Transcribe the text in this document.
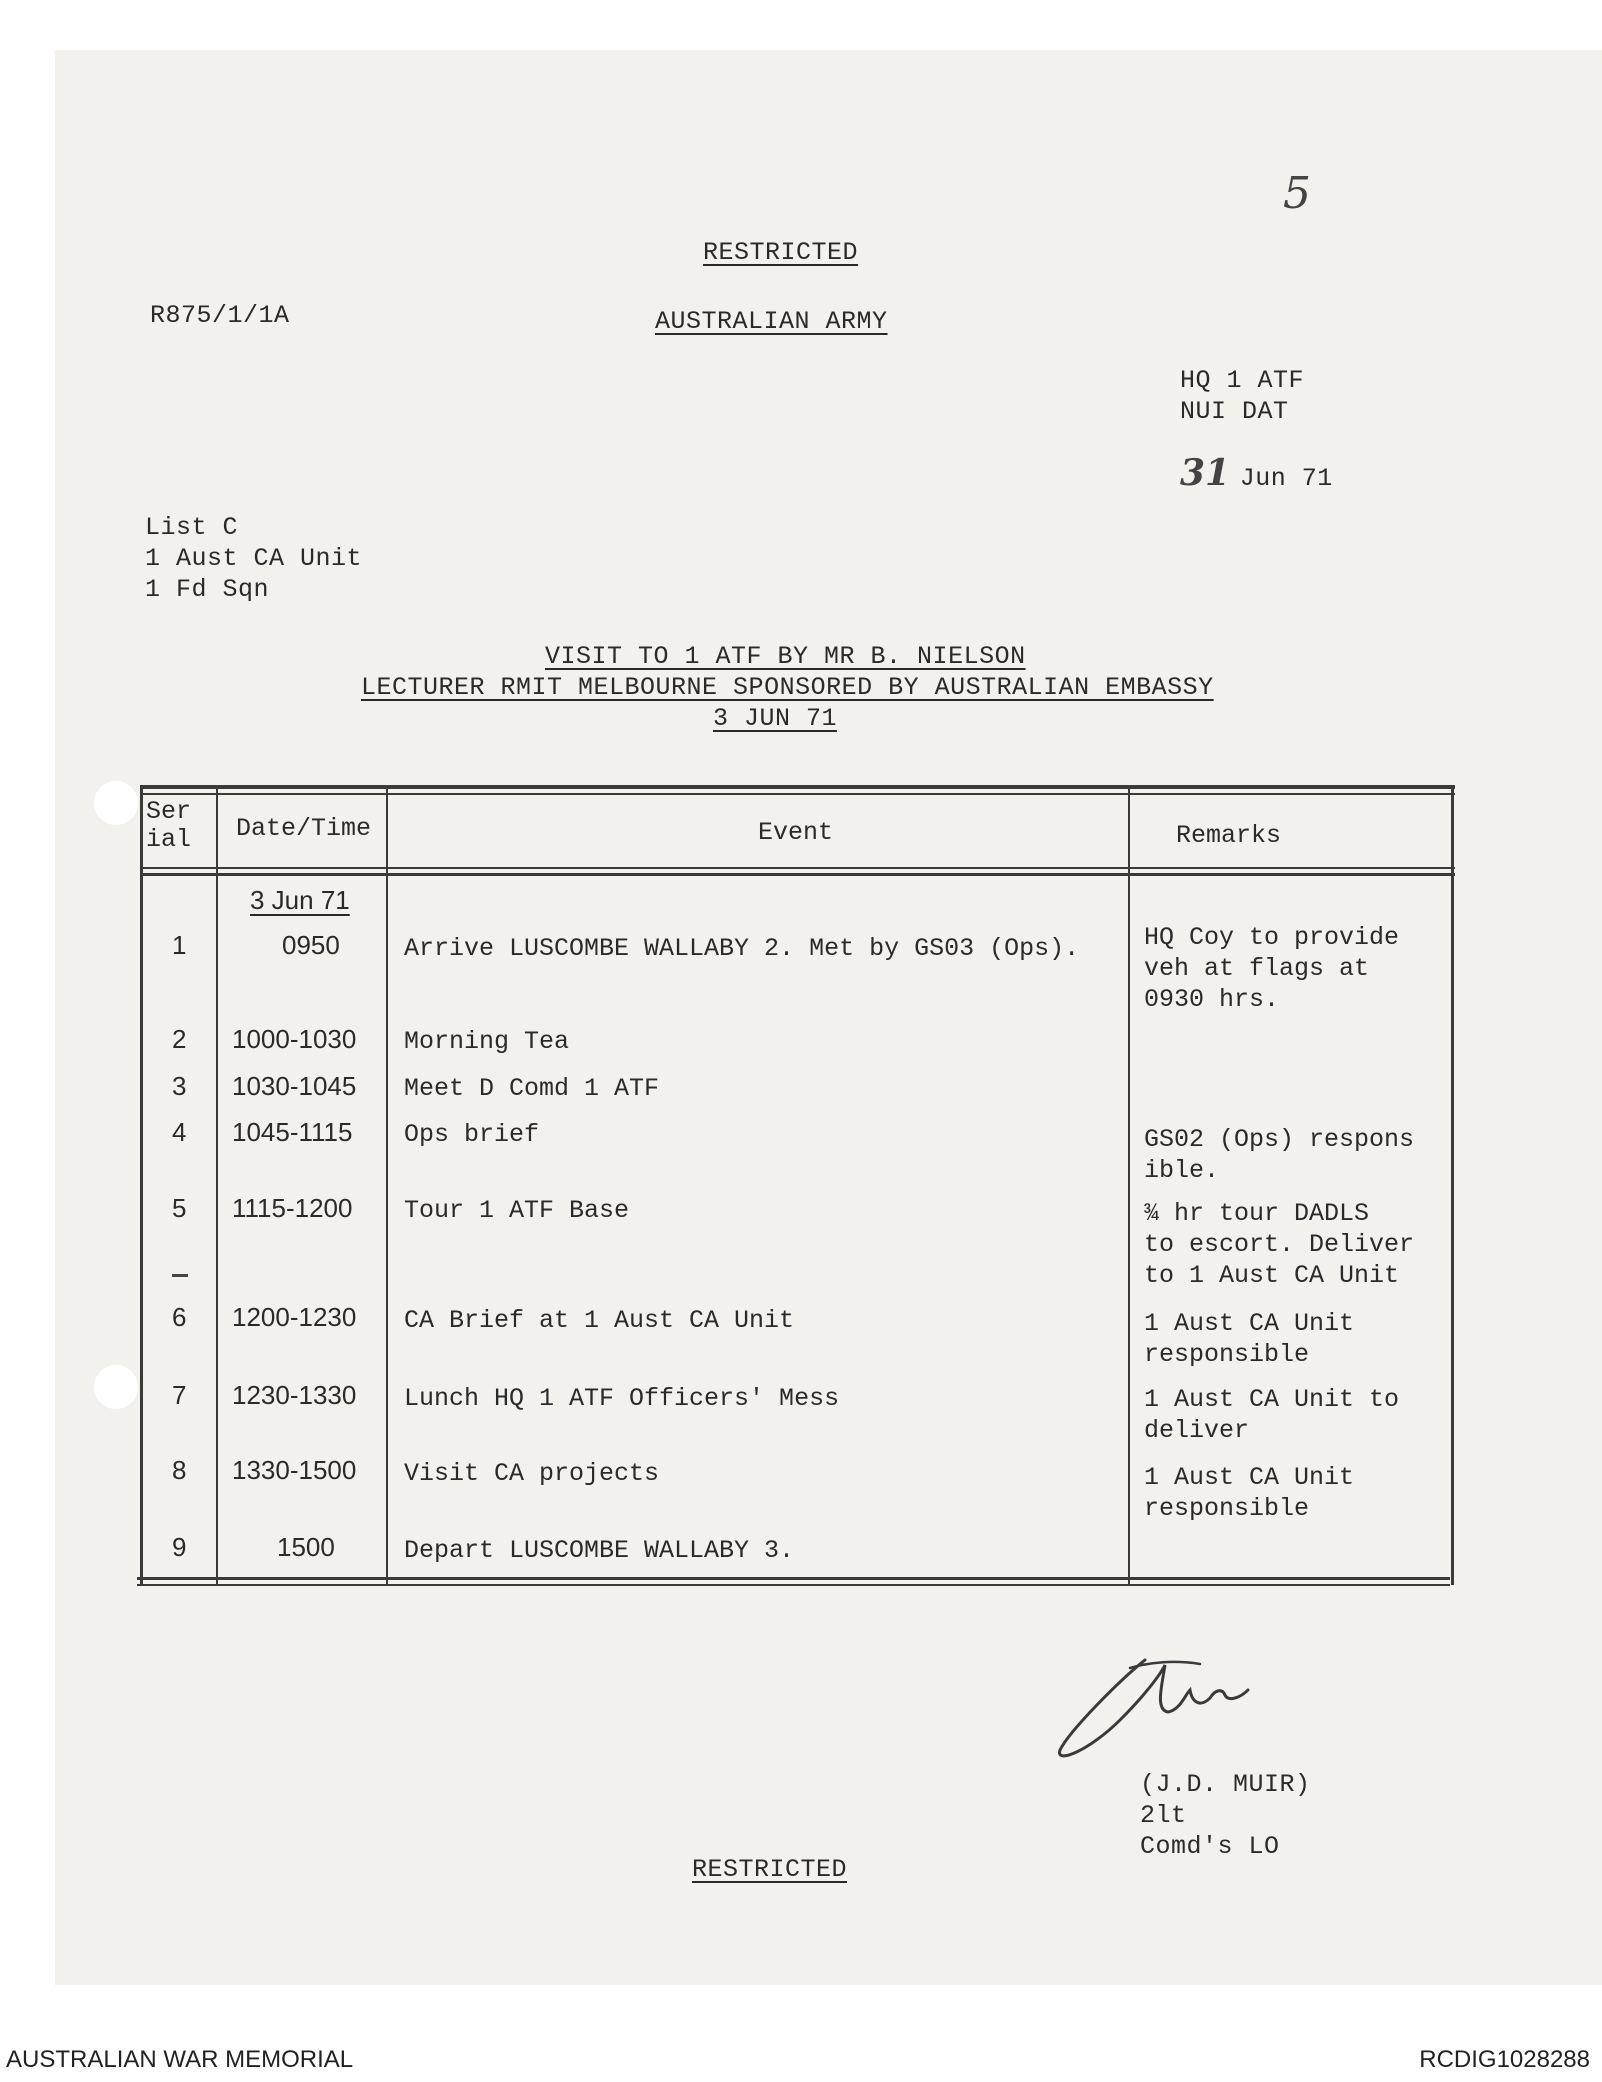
5
RESTRICTED
R875/1/1A	AUSTRALIAN ARMY
HQ 1 ATF
NUI DAT
31 Jun 71
List C
1 Aust CA Unit
1 Fd Sqn
VISIT TO 1 ATF BY MR B. NIELSON
LECTURER RMIT MELBOURNE SPONSORED BY AUSTRALIAN EMBASSY
3 JUN 71
Ser
ial Date/Time	Event	Remarks
3 Jun 71
1	0950	Arrive LUSCOMBE WALLABY 2. Met by GS03 (Ops).	HQ Coy to provide
veh at flags at
0930 hrs.
2 1000-1030 Morning Tea
3 1030-1045 Meet D Comd 1 ATF
4 1045-1115 Ops brief	GS02 (Ops) respons
ible.
5 1115-1200 Tour 1 ATF Base	¾ hr tour DADLS
to escort. Deliver
to 1 Aust CA Unit
6 1200-1230 CA Brief at 1 Aust CA Unit	1 Aust CA Unit
responsible
7 1230-1330 Lunch HQ 1 ATF Officers' Mess	1 Aust CA Unit to
deliver
8 1330-1500 Visit CA projects	1 Aust CA Unit
responsible
9	1500	Depart LUSCOMBE WALLABY 3.
(J.D. MUIR)
2lt
Comd's LO
RESTRICTED
AUSTRALIAN WAR MEMORIAL	RCDIG1028288
